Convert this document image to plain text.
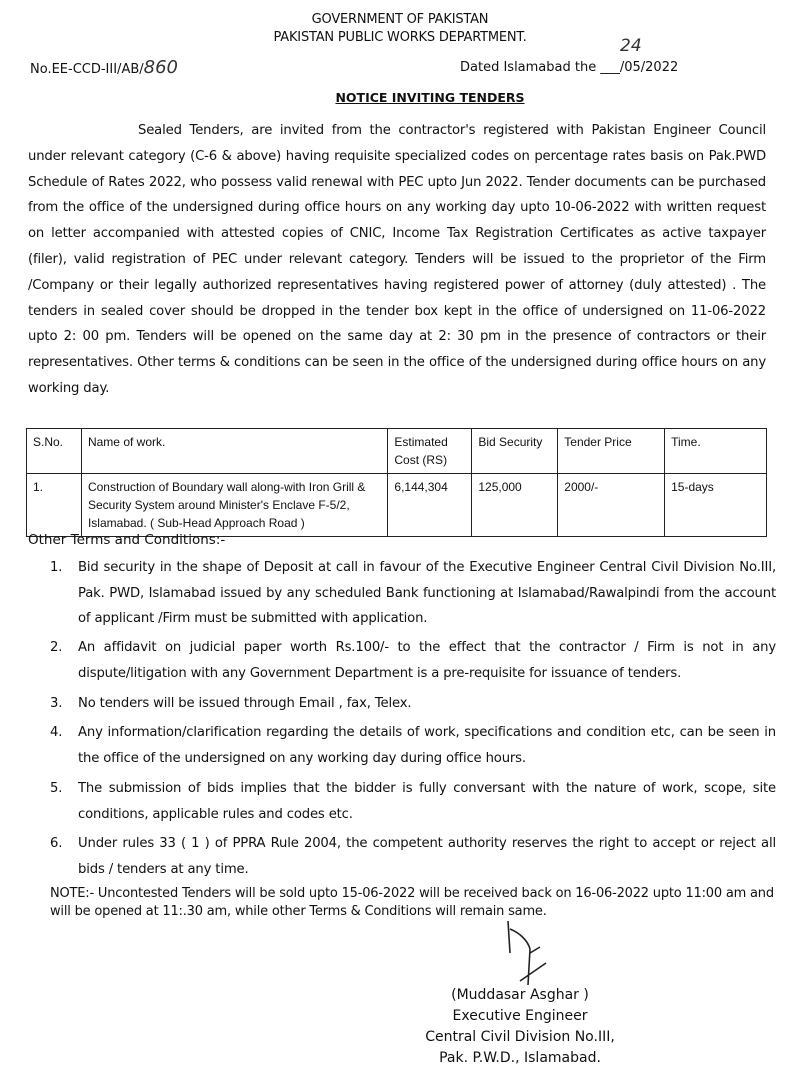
GOVERNMENT OF PAKISTAN
PAKISTAN PUBLIC WORKS DEPARTMENT.
No.EE-CCD-III/AB/860
24
Dated Islamabad the ___/05/2022
NOTICE INVITING TENDERS
Sealed Tenders, are invited from the contractor's registered with Pakistan Engineer Council under relevant category (C-6 & above) having requisite specialized codes on percentage rates basis on Pak.PWD Schedule of Rates 2022, who possess valid renewal with PEC upto Jun 2022. Tender documents can be purchased from the office of the undersigned during office hours on any working day upto 10-06-2022 with written request on letter accompanied with attested copies of CNIC, Income Tax Registration Certificates as active taxpayer (filer), valid registration of PEC under relevant category. Tenders will be issued to the proprietor of the Firm /Company or their legally authorized representatives having registered power of attorney (duly attested) . The tenders in sealed cover should be dropped in the tender box kept in the office of undersigned on 11-06-2022 upto 2: 00 pm. Tenders will be opened on the same day at 2: 30 pm in the presence of contractors or their representatives. Other terms & conditions can be seen in the office of the undersigned during office hours on any working day.
S.No.	Name of work.	Estimated Cost (RS)	Bid Security	Tender Price	Time.
1.	Construction of Boundary wall along-with Iron Grill & Security System around Minister's Enclave F-5/2, Islamabad. ( Sub-Head Approach Road )	6,144,304	125,000	2000/-	15-days
Other Terms and Conditions:-
1.	Bid security in the shape of Deposit at call in favour of the Executive Engineer Central Civil Division No.III, Pak. PWD, Islamabad issued by any scheduled Bank functioning at Islamabad/Rawalpindi from the account of applicant /Firm must be submitted with application.
2.	An affidavit on judicial paper worth Rs.100/- to the effect that the contractor / Firm is not in any dispute/litigation with any Government Department is a pre-requisite for issuance of tenders.
3.	No tenders will be issued through Email , fax, Telex.
4.	Any information/clarification regarding the details of work, specifications and condition etc, can be seen in the office of the undersigned on any working day during office hours.
5.	The submission of bids implies that the bidder is fully conversant with the nature of work, scope, site conditions, applicable rules and codes etc.
6.	Under rules 33 ( 1 ) of PPRA Rule 2004, the competent authority reserves the right to accept or reject all bids / tenders at any time.
NOTE:- Uncontested Tenders will be sold upto 15-06-2022 will be received back on 16-06-2022 upto 11:00 am and will be opened at 11:.30 am, while other Terms & Conditions will remain same.
(Muddasar Asghar )
Executive Engineer
Central Civil Division No.III,
Pak. P.W.D., Islamabad.
